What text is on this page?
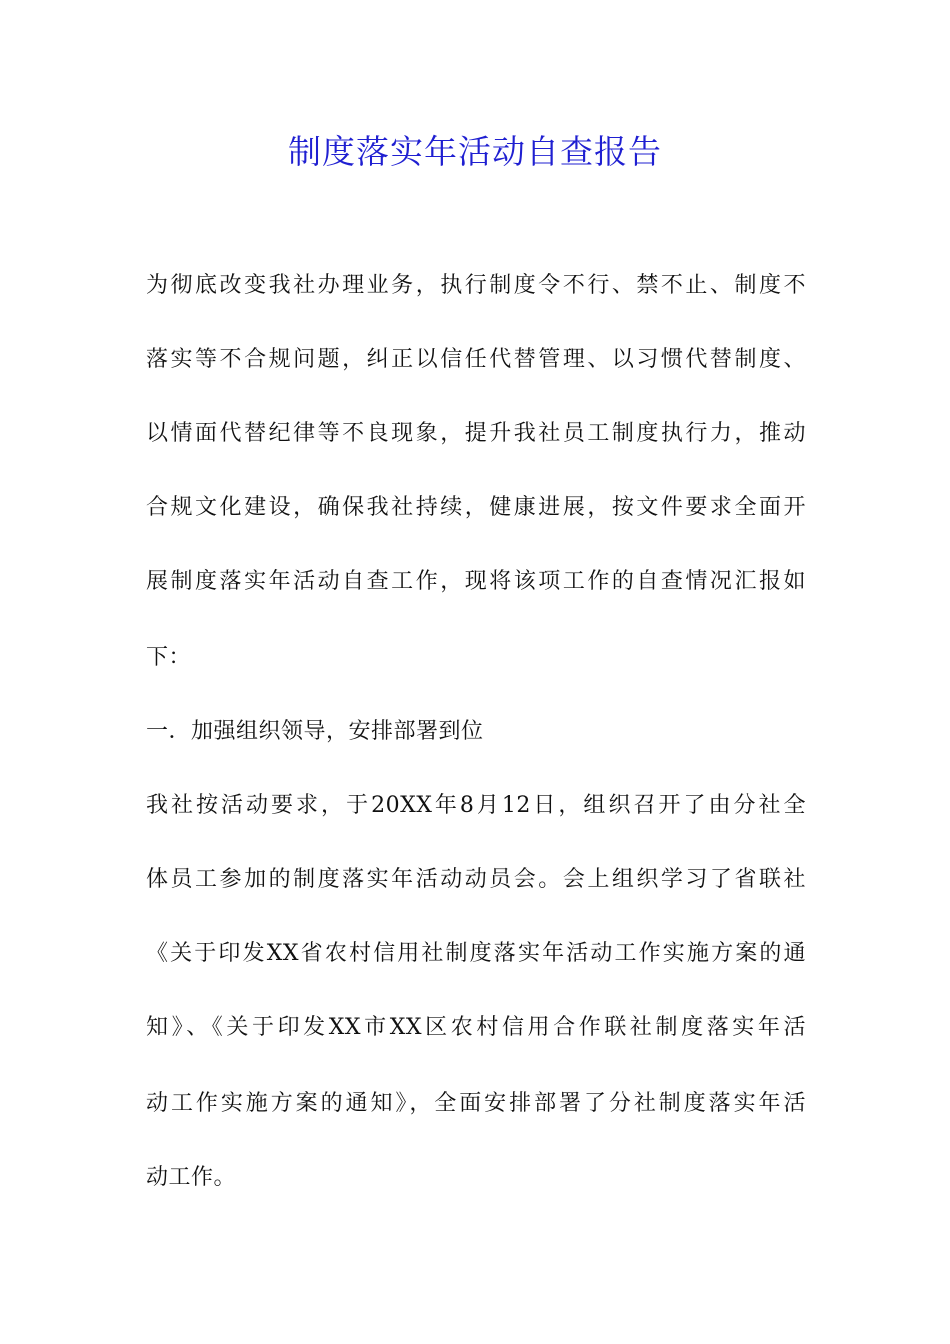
制度落实年活动自查报告
为彻底改变我社办理业务，执行制度令不行、禁不止、制度不
落实等不合规问题，纠正以信任代替管理、以习惯代替制度、
以情面代替纪律等不良现象，提升我社员工制度执行力，推动
合规文化建设，确保我社持续，健康进展，按文件要求全面开
展制度落实年活动自查工作，现将该项工作的自查情况汇报如
下：
一．加强组织领导，安排部署到位
我社按活动要求，于20XX年8月12日，组织召开了由分社全
体员工参加的制度落实年活动动员会。会上组织学习了省联社
《关于印发XX省农村信用社制度落实年活动工作实施方案的通
知》、《关于印发XX市XX区农村信用合作联社制度落实年活
动工作实施方案的通知》，全面安排部署了分社制度落实年活
动工作。
